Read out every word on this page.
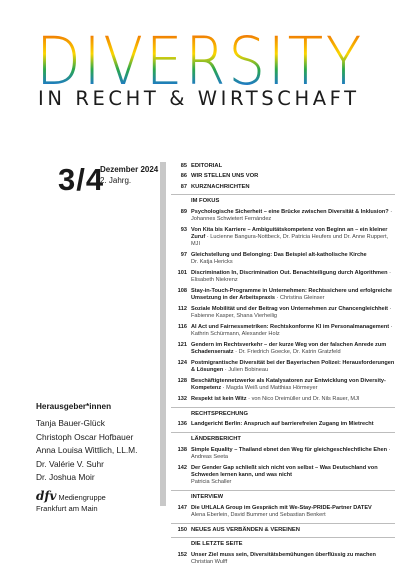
DIVERSITY
IN RECHT & WIRTSCHAFT
3/4
Dezember 2024
2. Jahrg.
Herausgeber*innen
Tanja Bauer-Glück
Christoph Oscar Hofbauer
Anna Louisa Wittlich, LL.M.
Dr. Valérie V. Suhr
Dr. Joshua Moir
dfv Mediengruppe
Frankfurt am Main
85 EDITORIAL
86 WIR STELLEN UNS VOR
87 KURZNACHRICHTEN
IM FOKUS
89 Psychologische Sicherheit – eine Brücke zwischen Diversität & Inklusion? · Johannes Schwietert Fernández
93 Von Kita bis Karriere – Ambiguitätskompetenz von Beginn an – ein kleiner Zuruf · Lucienne Bangura-Nottbeck, Dr. Patricia Heufers und Dr. Anne Ruppert, MJI
97 Gleichstellung und Belonging: Das Beispiel alt-katholische Kirche
Dr. Katja Hericks
101 Discrimination In, Discrimination Out. Benachteiligung durch Algorithmen · Elisabeth Niekrenz
108 Stay-in-Touch-Programme in Unternehmen: Rechtssichere und erfolgreiche Umsetzung in der Arbeitspraxis · Christina Gleinser
112 Soziale Mobilität und der Beitrag von Unternehmen zur Chancengleichheit · Fabienne Kasper, Shana Vierheilig
116 AI Act und Fairnessmetriken: Rechtskonforme KI im Personalmanagement · Kathrin Schürmann, Alexander Holz
121 Gendern im Rechtsverkehr – der kurze Weg von der falschen Anrede zum Schadensersatz · Dr. Friedrich Goecke, Dr. Katrin Gratzfeld
124 Postmigrantische Diversität bei der Bayerischen Polizei: Herausforderungen & Lösungen · Julien Bobineau
128 Beschäftigtennetzwerke als Katalysatoren zur Entwicklung von Diversity-Kompetenz · Magda Weiß und Matthias Hörmeyer
132 Respekt ist kein Witz · von Nico Dreimüller und Dr. Nils Rauer, MJI
RECHTSPRECHUNG
136 Landgericht Berlin: Anspruch auf barrierefreien Zugang im Mietrecht
LÄNDERBERICHT
138 Simple Equality – Thailand ebnet den Weg für gleichgeschlechtliche Ehen · Andreas Seeta
142 Der Gender Gap schließt sich nicht von selbst – Was Deutschland von Schweden lernen kann, und was nicht
Patricia Schaller
INTERVIEW
147 Die UHLALA Group im Gespräch mit We-Stay-PRIDE-Partner DATEV
Alena Eberlein, David Bummer und Sebastian Benkert
150 NEUES AUS VERBÄNDEN & VEREINEN
DIE LETZTE SEITE
152 Unser Ziel muss sein, Diversitätsbemühungen überflüssig zu machen
Christian Wulff
